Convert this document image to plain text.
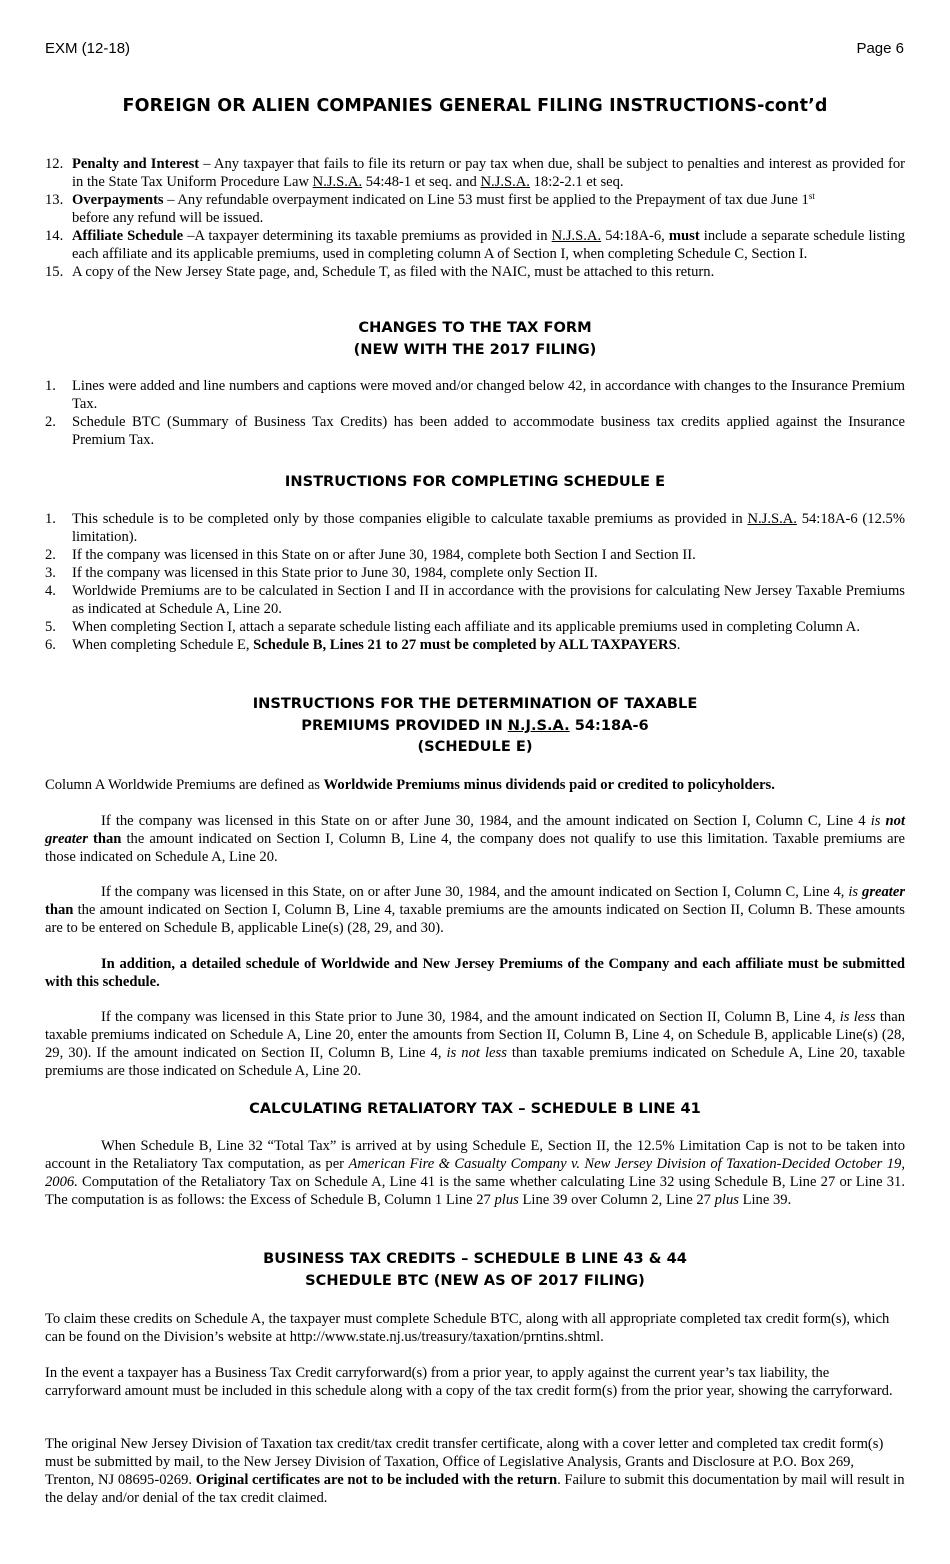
EXM (12-18)	Page 6
FOREIGN OR ALIEN COMPANIES GENERAL FILING INSTRUCTIONS-cont’d
12. Penalty and Interest – Any taxpayer that fails to file its return or pay tax when due, shall be subject to penalties and interest as provided for in the State Tax Uniform Procedure Law N.J.S.A. 54:48-1 et seq. and N.J.S.A. 18:2-2.1 et seq.
13. Overpayments – Any refundable overpayment indicated on Line 53 must first be applied to the Prepayment of tax due June 1st
before any refund will be issued.
14. Affiliate Schedule –A taxpayer determining its taxable premiums as provided in N.J.S.A. 54:18A-6, must include a separate schedule listing each affiliate and its applicable premiums, used in completing column A of Section I, when completing Schedule C, Section I.
15. A copy of the New Jersey State page, and, Schedule T, as filed with the NAIC, must be attached to this return.
CHANGES TO THE TAX FORM
(NEW WITH THE 2017 FILING)
1. Lines were added and line numbers and captions were moved and/or changed below 42, in accordance with changes to the Insurance Premium Tax.
2. Schedule BTC (Summary of Business Tax Credits) has been added to accommodate business tax credits applied against the Insurance Premium Tax.
INSTRUCTIONS FOR COMPLETING SCHEDULE E
1. This schedule is to be completed only by those companies eligible to calculate taxable premiums as provided in N.J.S.A. 54:18A-6 (12.5% limitation).
2. If the company was licensed in this State on or after June 30, 1984, complete both Section I and Section II.
3. If the company was licensed in this State prior to June 30, 1984, complete only Section II.
4. Worldwide Premiums are to be calculated in Section I and II in accordance with the provisions for calculating New Jersey Taxable Premiums as indicated at Schedule A, Line 20.
5. When completing Section I, attach a separate schedule listing each affiliate and its applicable premiums used in completing Column A.
6. When completing Schedule E, Schedule B, Lines 21 to 27 must be completed by ALL TAXPAYERS.
INSTRUCTIONS FOR THE DETERMINATION OF TAXABLE
PREMIUMS PROVIDED IN N.J.S.A. 54:18A-6
(SCHEDULE E)

Column A Worldwide Premiums are defined as Worldwide Premiums minus dividends paid or credited to policyholders.

If the company was licensed in this State on or after June 30, 1984, and the amount indicated on Section I, Column C, Line 4 is not greater than the amount indicated on Section I, Column B, Line 4, the company does not qualify to use this limitation. Taxable premiums are those indicated on Schedule A, Line 20.

If the company was licensed in this State, on or after June 30, 1984, and the amount indicated on Section I, Column C, Line 4, is greater than the amount indicated on Section I, Column B, Line 4, taxable premiums are the amounts indicated on Section II, Column B. These amounts are to be entered on Schedule B, applicable Line(s) (28, 29, and 30).

In addition, a detailed schedule of Worldwide and New Jersey Premiums of the Company and each affiliate must be submitted with this schedule.

If the company was licensed in this State prior to June 30, 1984, and the amount indicated on Section II, Column B, Line 4, is less than taxable premiums indicated on Schedule A, Line 20, enter the amounts from Section II, Column B, Line 4, on Schedule B, applicable Line(s) (28, 29, 30). If the amount indicated on Section II, Column B, Line 4, is not less than taxable premiums indicated on Schedule A, Line 20, taxable premiums are those indicated on Schedule A, Line 20.

CALCULATING RETALIATORY TAX – SCHEDULE B LINE 41

When Schedule B, Line 32 “Total Tax” is arrived at by using Schedule E, Section II, the 12.5% Limitation Cap is not to be taken into account in the Retaliatory Tax computation, as per American Fire & Casualty Company v. New Jersey Division of Taxation-Decided October 19, 2006. Computation of the Retaliatory Tax on Schedule A, Line 41 is the same whether calculating Line 32 using Schedule B, Line 27 or Line 31. The computation is as follows: the Excess of Schedule B, Column 1 Line 27 plus Line 39 over Column 2, Line 27 plus Line 39.

BUSINESS TAX CREDITS – SCHEDULE B LINE 43 & 44
SCHEDULE BTC (NEW AS OF 2017 FILING)

To claim these credits on Schedule A, the taxpayer must complete Schedule BTC, along with all appropriate completed tax credit form(s), which can be found on the Division’s website at http://www.state.nj.us/treasury/taxation/prntins.shtml.

In the event a taxpayer has a Business Tax Credit carryforward(s) from a prior year, to apply against the current year’s tax liability, the carryforward amount must be included in this schedule along with a copy of the tax credit form(s) from the prior year, showing the carryforward.

The original New Jersey Division of Taxation tax credit/tax credit transfer certificate, along with a cover letter and completed tax credit form(s) must be submitted by mail, to the New Jersey Division of Taxation, Office of Legislative Analysis, Grants and Disclosure at P.O. Box 269, Trenton, NJ 08695-0269. Original certificates are not to be included with the return. Failure to submit this documentation by mail will result in the delay and/or denial of the tax credit claimed.
